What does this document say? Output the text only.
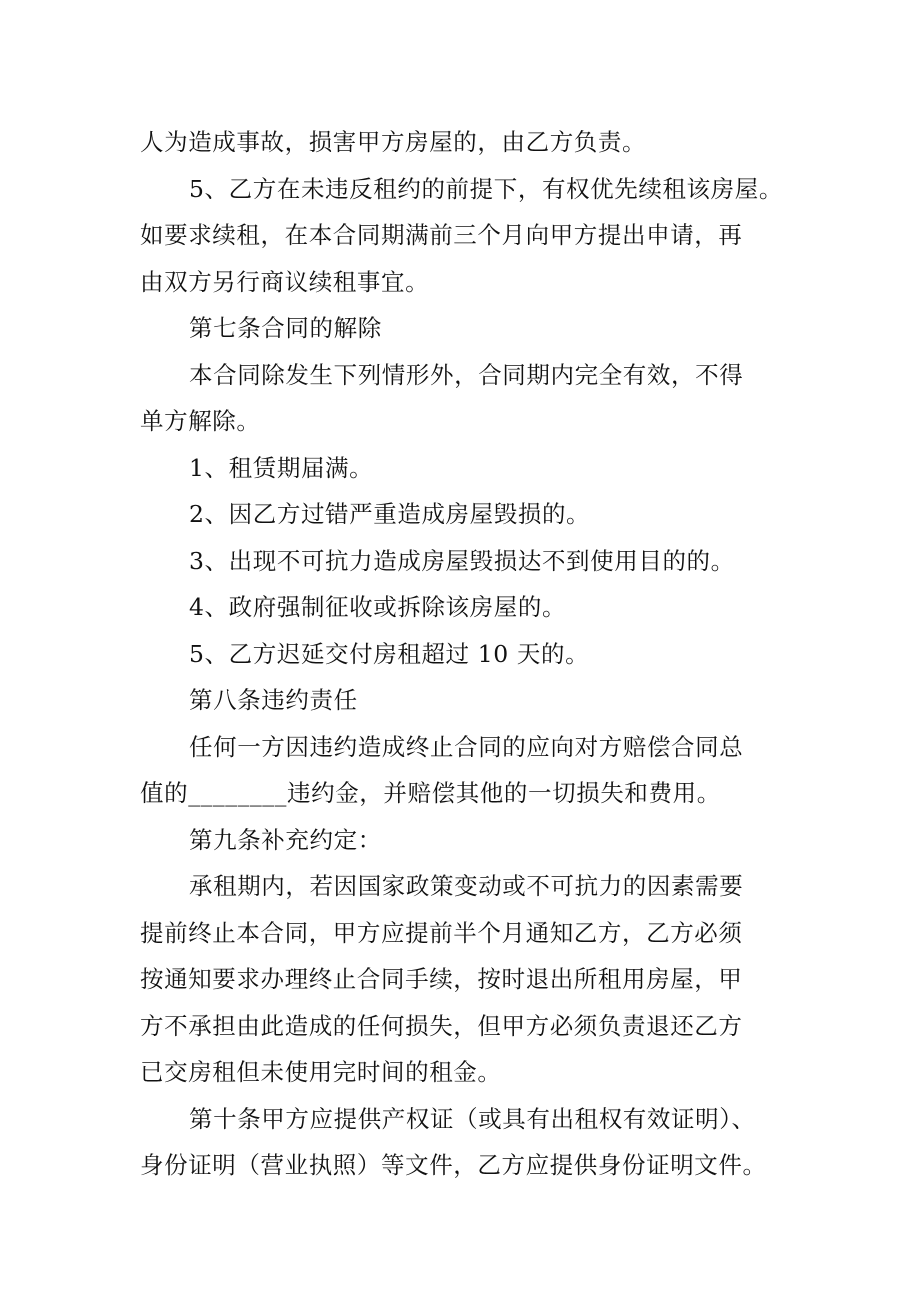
人为造成事故，损害甲方房屋的，由乙方负责。
5、乙方在未违反租约的前提下，有权优先续租该房屋。
如要求续租，在本合同期满前三个月向甲方提出申请，再
由双方另行商议续租事宜。
第七条合同的解除
本合同除发生下列情形外，合同期内完全有效，不得
单方解除。
1、租赁期届满。
2、因乙方过错严重造成房屋毁损的。
3、出现不可抗力造成房屋毁损达不到使用目的的。
4、政府强制征收或拆除该房屋的。
5、乙方迟延交付房租超过 10 天的。
第八条违约责任
任何一方因违约造成终止合同的应向对方赔偿合同总
值的________违约金，并赔偿其他的一切损失和费用。
第九条补充约定：
承租期内，若因国家政策变动或不可抗力的因素需要
提前终止本合同，甲方应提前半个月通知乙方，乙方必须
按通知要求办理终止合同手续，按时退出所租用房屋，甲
方不承担由此造成的任何损失，但甲方必须负责退还乙方
已交房租但未使用完时间的租金。
第十条甲方应提供产权证（或具有出租权有效证明）、
身份证明（营业执照）等文件，乙方应提供身份证明文件。
